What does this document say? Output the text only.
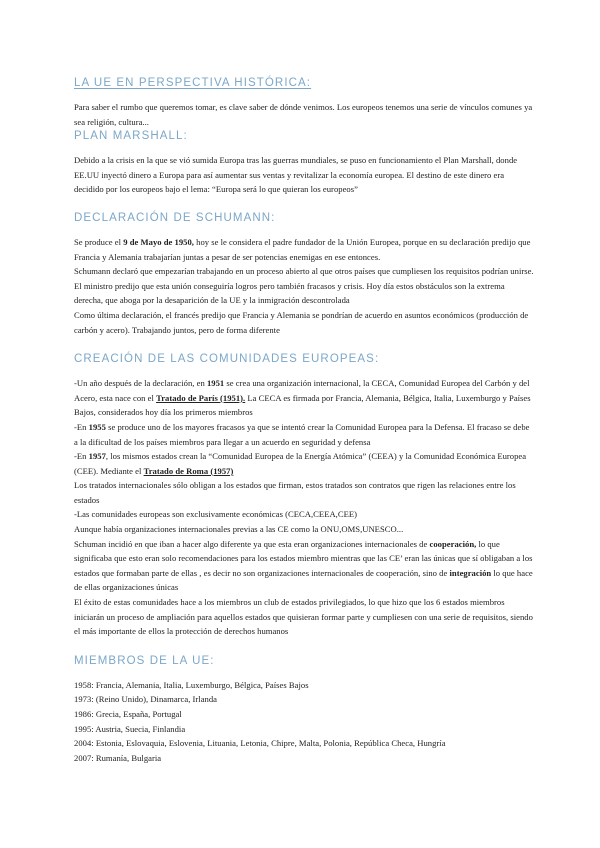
LA UE EN PERSPECTIVA HISTÓRICA:

Para saber el rumbo que queremos tomar, es clave saber de dónde venimos. Los europeos tenemos una serie de vínculos comunes ya sea religión, cultura...

PLAN MARSHALL:

Debido a la crisis en la que se vió sumida Europa tras las guerras mundiales, se puso en funcionamiento el Plan Marshall, donde EE.UU inyectó dinero a Europa para así aumentar sus ventas y revitalizar la economía europea. El destino de este dinero era decidido por los europeos bajo el lema: “Europa será lo que quieran los europeos”

DECLARACIÓN DE SCHUMANN:

Se produce el 9 de Mayo de 1950, hoy se le considera el padre fundador de la Unión Europea, porque en su declaración predijo que Francia y Alemania trabajarían juntas a pesar de ser potencias enemigas en ese entonces.

Schumann declaró que empezarían trabajando en un proceso abierto al que otros países que cumpliesen los requisitos podrían unirse. El ministro predijo que esta unión conseguiría logros pero también fracasos y crisis. Hoy día estos obstáculos son la extrema derecha, que aboga por la desaparición de la UE y la inmigración descontrolada

Como última declaración, el francés predijo que Francia y Alemania se pondrían de acuerdo en asuntos económicos (producción de carbón y acero). Trabajando juntos, pero de forma diferente

CREACIÓN DE LAS COMUNIDADES EUROPEAS:

-Un año después de la declaración, en 1951 se crea una organización internacional, la CECA, Comunidad Europea del Carbón y del Acero, esta nace con el Tratado de París (1951). La CECA es firmada por Francia, Alemania, Bélgica, Italia, Luxemburgo y Países Bajos, considerados hoy día los primeros miembros

-En 1955 se produce uno de los mayores fracasos ya que se intentó crear la Comunidad Europea para la Defensa. El fracaso se debe a la dificultad de los países miembros para llegar a un acuerdo en seguridad y defensa

-En 1957, los mismos estados crean la “Comunidad Europea de la Energía Atómica” (CEEA) y la Comunidad Económica Europea (CEE). Mediante el Tratado de Roma (1957)

Los tratados internacionales sólo obligan a los estados que firman, estos tratados son contratos que rigen las relaciones entre los estados

-Las comunidades europeas son exclusivamente económicas (CECA,CEEA,CEE)

Aunque había organizaciones internacionales previas a las CE como la ONU,OMS,UNESCO...

Schuman incidió en que iban a hacer algo diferente ya que esta eran organizaciones internacionales de cooperación, lo que significaba que esto eran solo recomendaciones para los estados miembro mientras que las CE’ eran las únicas que sí obligaban a los estados que formaban parte de ellas , es decir no son organizaciones internacionales de cooperación, sino de integración lo que hace de ellas organizaciones únicas

El éxito de estas comunidades hace a los miembros un club de estados privilegiados, lo que hizo que los 6 estados miembros iniciarán un proceso de ampliación para aquellos estados que quisieran formar parte y cumpliesen con una serie de requisitos, siendo el más importante de ellos la protección de derechos humanos

MIEMBROS DE LA UE:

1958: Francia, Alemania, Italia, Luxemburgo, Bélgica, Países Bajos

1973: (Reino Unido), Dinamarca, Irlanda

1986: Grecia, España, Portugal

1995: Austria, Suecia, Finlandia

2004: Estonia, Eslovaquia, Eslovenia, Lituania, Letonia, Chipre, Malta, Polonia, República Checa, Hungría

2007: Rumanía, Bulgaria
